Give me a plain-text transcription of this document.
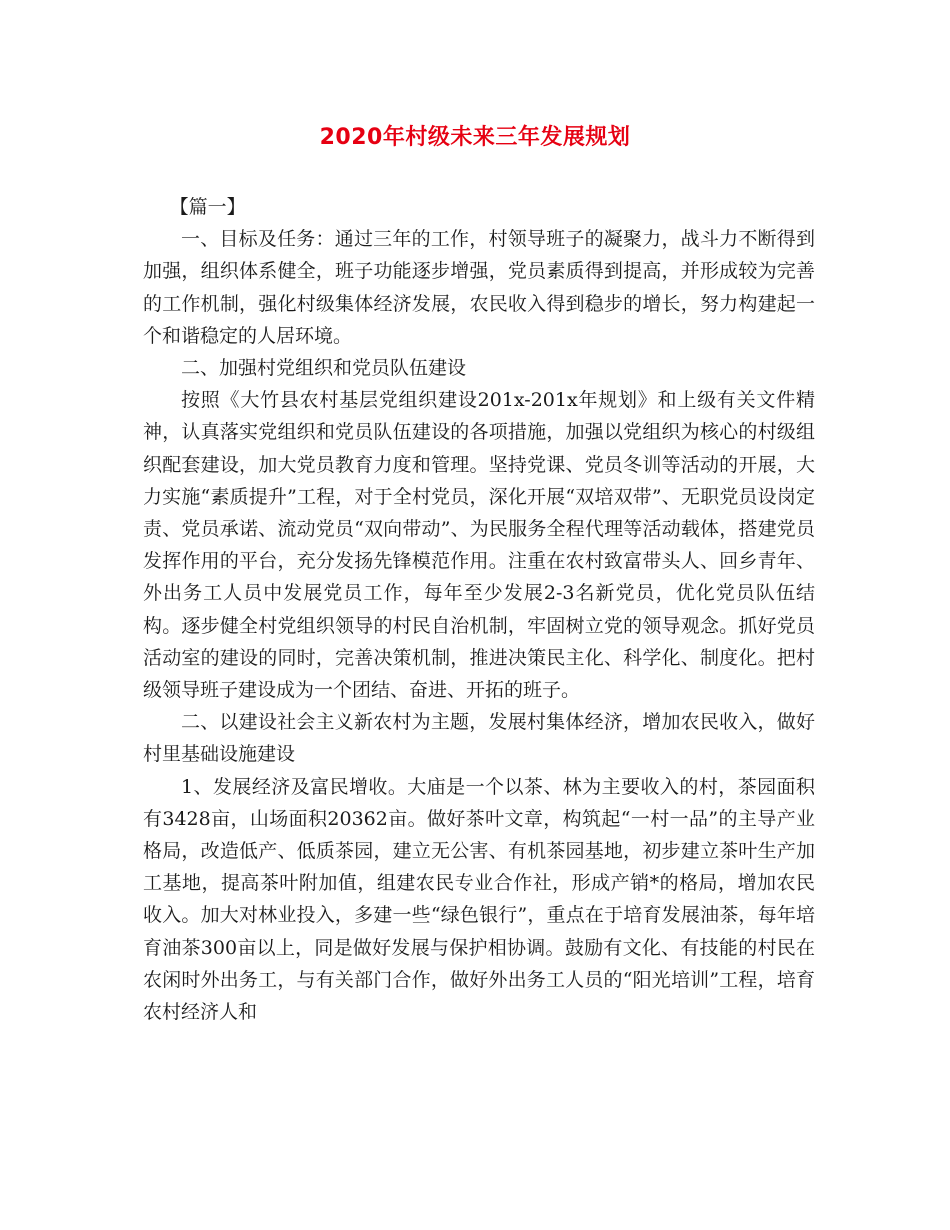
2020年村级未来三年发展规划

【篇一】

一、目标及任务：通过三年的工作，村领导班子的凝聚力，战斗力不断得到加强，组织体系健全，班子功能逐步增强，党员素质得到提高，并形成较为完善的工作机制，强化村级集体经济发展，农民收入得到稳步的增长，努力构建起一个和谐稳定的人居环境。

二、加强村党组织和党员队伍建设

按照《大竹县农村基层党组织建设201x-201x年规划》和上级有关文件精神，认真落实党组织和党员队伍建设的各项措施，加强以党组织为核心的村级组织配套建设，加大党员教育力度和管理。坚持党课、党员冬训等活动的开展，大力实施“素质提升”工程，对于全村党员，深化开展“双培双带”、无职党员设岗定责、党员承诺、流动党员“双向带动”、为民服务全程代理等活动载体，搭建党员发挥作用的平台，充分发扬先锋模范作用。注重在农村致富带头人、回乡青年、外出务工人员中发展党员工作，每年至少发展2-3名新党员，优化党员队伍结构。逐步健全村党组织领导的村民自治机制，牢固树立党的领导观念。抓好党员活动室的建设的同时，完善决策机制，推进决策民主化、科学化、制度化。把村级领导班子建设成为一个团结、奋进、开拓的班子。

二、以建设社会主义新农村为主题，发展村集体经济，增加农民收入，做好村里基础设施建设

1、发展经济及富民增收。大庙是一个以茶、林为主要收入的村，茶园面积有3428亩，山场面积20362亩。做好茶叶文章，构筑起“一村一品”的主导产业格局，改造低产、低质茶园，建立无公害、有机茶园基地，初步建立茶叶生产加工基地，提高茶叶附加值，组建农民专业合作社，形成产销*的格局，增加农民收入。加大对林业投入，多建一些“绿色银行”，重点在于培育发展油茶，每年培育油茶300亩以上，同是做好发展与保护相协调。鼓励有文化、有技能的村民在农闲时外出务工，与有关部门合作，做好外出务工人员的“阳光培训”工程，培育农村经济人和
